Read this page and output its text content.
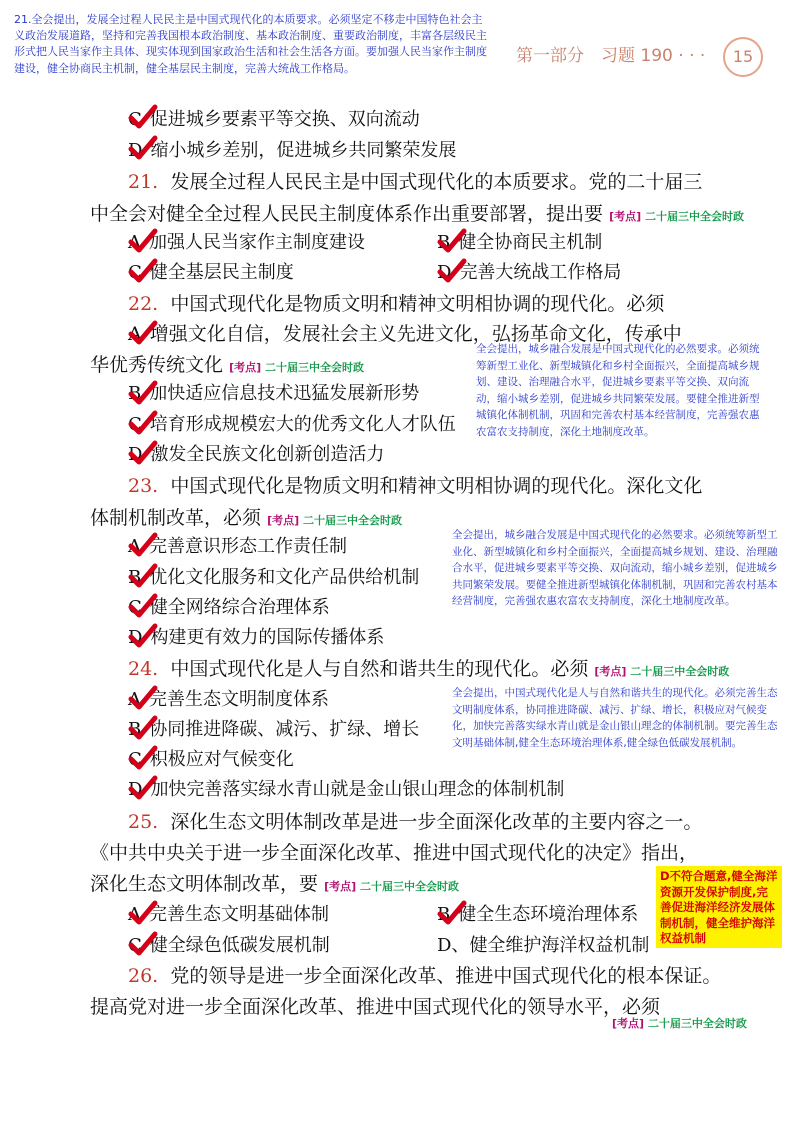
第一部分　习题 190 · · ·	15

21.全会提出，发展全过程人民民主是中国式现代化的本质要求。必须坚定不移走中国特色社会主义政治发展道路，坚持和完善我国根本政治制度、基本政治制度、重要政治制度，丰富各层级民主形式把人民当家作主具体、现实体现到国家政治生活和社会生活各方面。要加强人民当家作主制度建设，健全协商民主机制，健全基层民主制度，完善大统战工作格局。

C 促进城乡要素平等交换、双向流动
D 缩小城乡差别，促进城乡共同繁荣发展
21. 发展全过程人民民主是中国式现代化的本质要求。党的二十届三
中全会对健全全过程人民民主制度体系作出重要部署，提出要 [考点] 二十届三中全会时政
A 加强人民当家作主制度建设	B 健全协商民主机制
C 健全基层民主制度	D 完善大统战工作格局
22. 中国式现代化是物质文明和精神文明相协调的现代化。必须
A 增强文化自信，发展社会主义先进文化，弘扬革命文化，传承中
华优秀传统文化 [考点] 二十届三中全会时政
B 加快适应信息技术迅猛发展新形势
C 培育形成规模宏大的优秀文化人才队伍
D 激发全民族文化创新创造活力

全会提出，城乡融合发展是中国式现代化的必然要求。必须统筹新型工业化、新型城镇化和乡村全面振兴，全面提高城乡规划、建设、治理融合水平，促进城乡要素平等交换、双向流动，缩小城乡差别，促进城乡共同繁荣发展。要健全推进新型城镇化体制机制，巩固和完善农村基本经营制度，完善强农惠农富农支持制度，深化土地制度改革。

23. 中国式现代化是物质文明和精神文明相协调的现代化。深化文化
体制机制改革，必须 [考点] 二十届三中全会时政
A 完善意识形态工作责任制
B 优化文化服务和文化产品供给机制
C 健全网络综合治理体系
D 构建更有效力的国际传播体系

全会提出，城乡融合发展是中国式现代化的必然要求。必须统筹新型工业化、新型城镇化和乡村全面振兴，全面提高城乡规划、建设、治理融合水平，促进城乡要素平等交换、双向流动，缩小城乡差别，促进城乡共同繁荣发展。要健全推进新型城镇化体制机制，巩固和完善农村基本经营制度，完善强农惠农富农支持制度，深化土地制度改革。

24. 中国式现代化是人与自然和谐共生的现代化。必须 [考点] 二十届三中全会时政
A 完善生态文明制度体系
B 协同推进降碳、减污、扩绿、增长
C 积极应对气候变化
D 加快完善落实绿水青山就是金山银山理念的体制机制

全会提出，中国式现代化是人与自然和谐共生的现代化。必须完善生态文明制度体系，协同推进降碳、减污、扩绿、增长，积极应对气候变化，加快完善落实绿水青山就是金山银山理念的体制机制。要完善生态文明基础体制,健全生态环境治理体系,健全绿色低碳发展机制。

25. 深化生态文明体制改革是进一步全面深化改革的主要内容之一。
《中共中央关于进一步全面深化改革、推进中国式现代化的决定》指出，
深化生态文明体制改革，要 [考点] 二十届三中全会时政
A 完善生态文明基础体制	B 健全生态环境治理体系
C 健全绿色低碳发展机制	D、健全维护海洋权益机制
D不符合题意,健全海洋资源开发保护制度,完善促进海洋经济发展体制机制，健全维护海洋权益机制
26. 党的领导是进一步全面深化改革、推进中国式现代化的根本保证。
提高党对进一步全面深化改革、推进中国式现代化的领导水平，必须
[考点] 二十届三中全会时政
